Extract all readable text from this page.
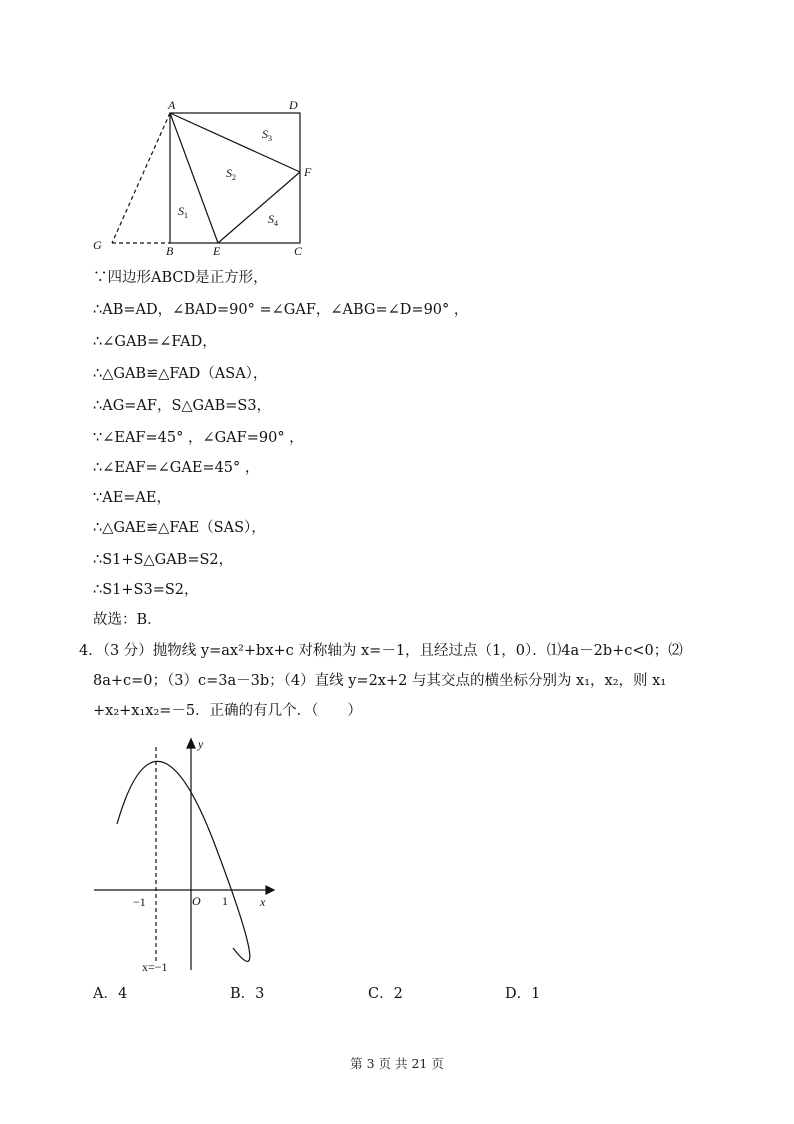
A	D
F
G	B	E	C
$S_3$
$S_2$
$S_1$	$S_4$
∵四边形ABCD是正方形，
∴AB=AD，∠BAD=90° =∠GAF，∠ABG=∠D=90° ，
∴∠GAB=∠FAD，
∴△GAB≌△FAD（ASA），
∴AG=AF，S△GAB=S3，
∵∠EAF=45° ，∠GAF=90° ，
∴∠EAF=∠GAE=45° ，
∵AE=AE，
∴△GAE≌△FAE（SAS），
∴S1+S△GAB=S2，
∴S1+S3=S2，
故选：B．
4．（3 分）抛物线 y=ax²+bx+c 对称轴为 x=－1，且经过点（1，0）．⑴4a－2b+c<0；⑵
8a+c=0；（3）c=3a－3b；（4）直线 y=2x+2 与其交点的横坐标分别为 x₁，x₂，则 x₁
+x₂+x₁x₂=－5．正确的有几个．（　　）
y
x
O
−1	1
x=−1
A．4	B．3	C．2	D．1
第 3 页 共 21 页
